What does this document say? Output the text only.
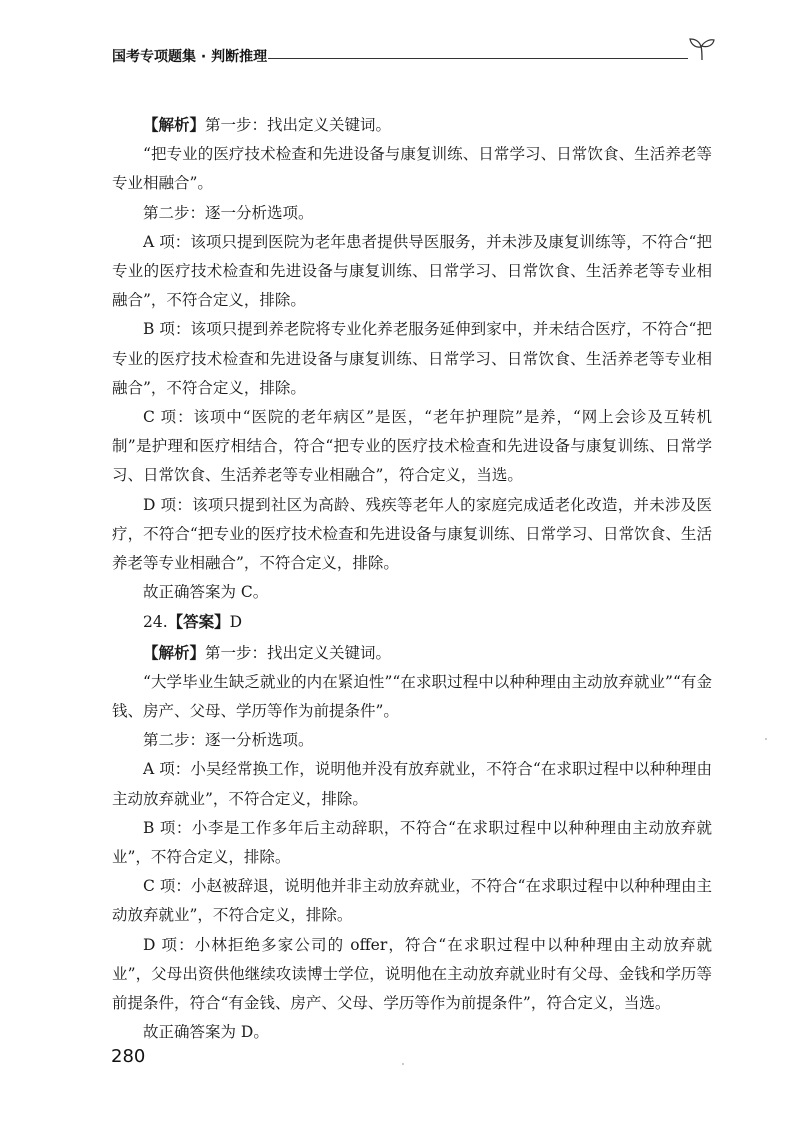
国考专项题集 · 判断推理

【解析】第一步：找出定义关键词。

“把专业的医疗技术检查和先进设备与康复训练、日常学习、日常饮食、生活养老等专业相融合”。

第二步：逐一分析选项。

A 项：该项只提到医院为老年患者提供导医服务，并未涉及康复训练等，不符合“把专业的医疗技术检查和先进设备与康复训练、日常学习、日常饮食、生活养老等专业相融合”，不符合定义，排除。

B 项：该项只提到养老院将专业化养老服务延伸到家中，并未结合医疗，不符合“把专业的医疗技术检查和先进设备与康复训练、日常学习、日常饮食、生活养老等专业相融合”，不符合定义，排除。

C 项：该项中“医院的老年病区”是医，“老年护理院”是养，“网上会诊及互转机制”是护理和医疗相结合，符合“把专业的医疗技术检查和先进设备与康复训练、日常学习、日常饮食、生活养老等专业相融合”，符合定义，当选。

D 项：该项只提到社区为高龄、残疾等老年人的家庭完成适老化改造，并未涉及医疗，不符合“把专业的医疗技术检查和先进设备与康复训练、日常学习、日常饮食、生活养老等专业相融合”，不符合定义，排除。

故正确答案为 C。

24.【答案】D

【解析】第一步：找出定义关键词。

“大学毕业生缺乏就业的内在紧迫性”“在求职过程中以种种理由主动放弃就业”“有金钱、房产、父母、学历等作为前提条件”。

第二步：逐一分析选项。

A 项：小吴经常换工作，说明他并没有放弃就业，不符合“在求职过程中以种种理由主动放弃就业”，不符合定义，排除。

B 项：小李是工作多年后主动辞职，不符合“在求职过程中以种种理由主动放弃就业”，不符合定义，排除。

C 项：小赵被辞退，说明他并非主动放弃就业，不符合“在求职过程中以种种理由主动放弃就业”，不符合定义，排除。

D 项：小林拒绝多家公司的 offer，符合“在求职过程中以种种理由主动放弃就业”，父母出资供他继续攻读博士学位，说明他在主动放弃就业时有父母、金钱和学历等前提条件，符合“有金钱、房产、父母、学历等作为前提条件”，符合定义，当选。

故正确答案为 D。

280
